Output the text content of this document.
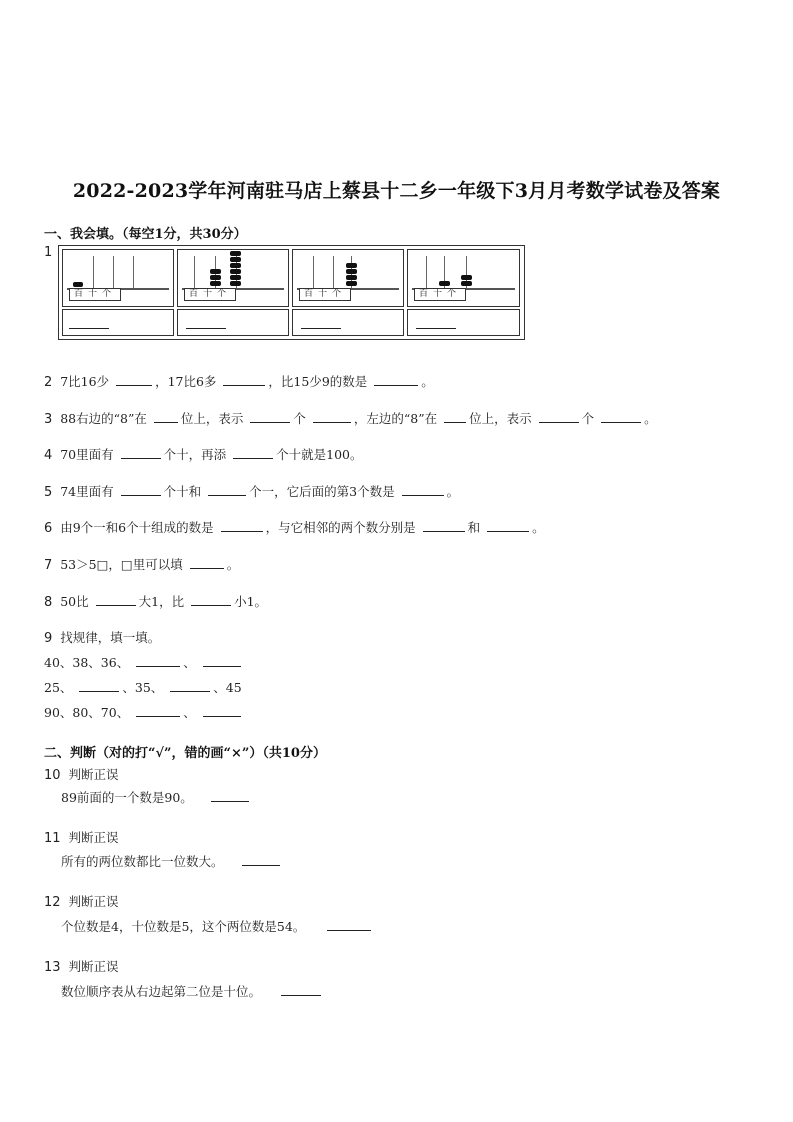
2022-2023学年河南驻马店上蔡县十二乡一年级下3月月考数学试卷及答案
一、我会填。（每空1分，共30分）
1
百十个	百十个	百十个	百十个
2 7比16少	，17比6多	，比15少9的数是	。
3 88右边的“8”在	位上，表示	个	，左边的“8”在	位上，表示	个	。
4 70里面有	个十，再添	个十就是100。
5 74里面有	个十和	个一，它后面的第3个数是	。
6 由9个一和6个十组成的数是	，与它相邻的两个数分别是	和	。
7 53＞5□，□里可以填	。
8 50比	大1，比	小1。
9 找规律，填一填。
40、38、36、	、
25、	、35、	、45
90、80、70、	、
二、判断（对的打“√”，错的画“×”）（共10分）
10 判断正误
89前面的一个数是90。
11 判断正误
所有的两位数都比一位数大。
12 判断正误
个位数是4，十位数是5，这个两位数是54。
13 判断正误
数位顺序表从右边起第二位是十位。
